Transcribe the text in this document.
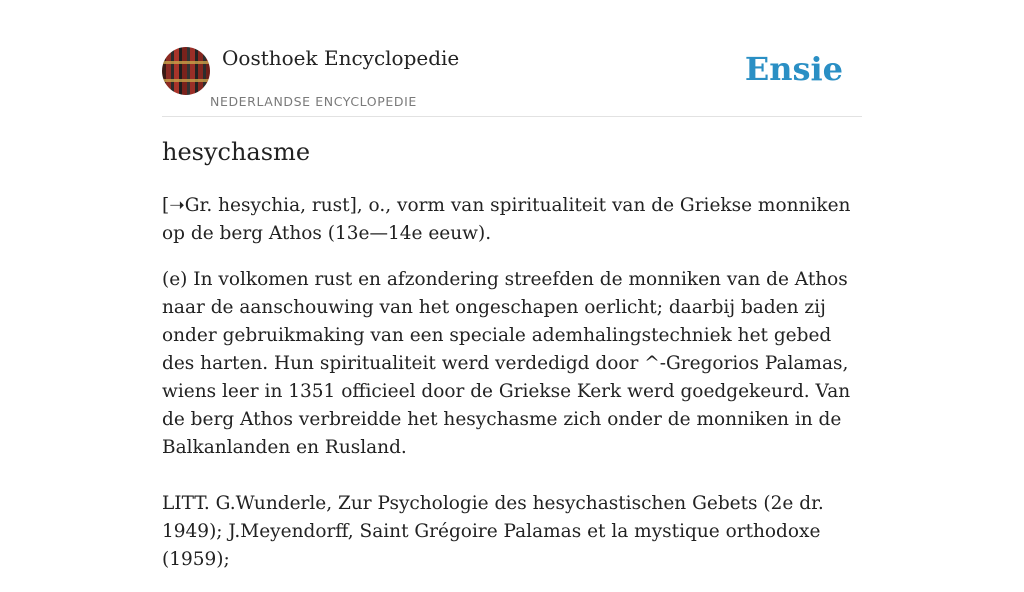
Oosthoek Encyclopedie
NEDERLANDSE ENCYCLOPEDIE
Ensie
hesychasme

[➝Gr. hesychia, rust], o., vorm van spiritualiteit van de Griekse monniken op de berg Athos (13e—14e eeuw).

(e) In volkomen rust en afzondering streefden de monniken van de Athos naar de aanschouwing van het ongeschapen oerlicht; daarbij baden zij onder gebruikmaking van een speciale ademhalingstechniek het gebed des harten. Hun spiritualiteit werd verdedigd door ^-Gregorios Palamas, wiens leer in 1351 officieel door de Griekse Kerk werd goedgekeurd. Van de berg Athos verbreidde het hesychasme zich onder de monniken in de Balkanlanden en Rusland.

LITT. G.Wunderle, Zur Psychologie des hesychastischen Gebets (2e dr. 1949); J.Meyendorff, Saint Grégoire Palamas et la mystique orthodoxe (1959);
